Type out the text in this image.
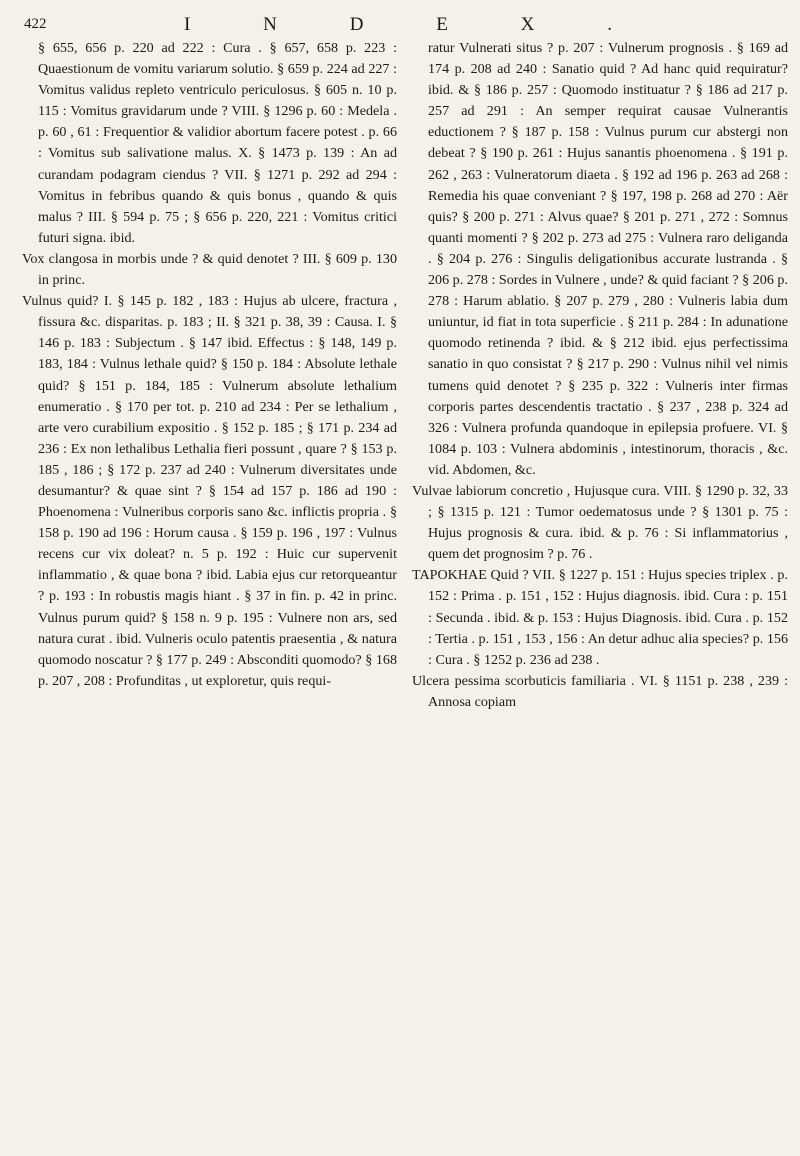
422	I	N	D	E	X	.

§ 655, 656 p. 220 ad 222 : Cura . § 657, 658 p. 223 : Quaestionum de vomitu variarum solutio. § 659 p. 224 ad 227 : Vomitus validus repleto ventriculo periculosus. § 605 n. 10 p. 115 : Vomitus gravidarum unde ? VIII. § 1296 p. 60 : Medela . p. 60 , 61 : Frequentior & validior abortum facere potest . p. 66 : Vomitus sub salivatione malus. X. § 1473 p. 139 : An ad curandam podagram ciendus ? VII. § 1271 p. 292 ad 294 : Vomitus in febribus quando & quis bonus , quando & quis malus ? III. § 594 p. 75 ; § 656 p. 220, 221 : Vomitus critici futuri signa. ibid.

Vox clangosa in morbis unde ? & quid denotet ? III. § 609 p. 130 in princ.

Vulnus quid? I. § 145 p. 182 , 183 : Hujus ab ulcere, fractura , fissura &c. disparitas. p. 183 ; II. § 321 p. 38, 39 : Causa. I. § 146 p. 183 : Subjectum . § 147 ibid. Effectus : § 148, 149 p. 183, 184 : Vulnus lethale quid? § 150 p. 184 : Absolute lethale quid? § 151 p. 184, 185 : Vulnerum absolute lethalium enumeratio . § 170 per tot. p. 210 ad 234 : Per se lethalium , arte vero curabilium expositio . § 152 p. 185 ; § 171 p. 234 ad 236 : Ex non lethalibus Lethalia fieri possunt , quare ? § 153 p. 185 , 186 ; § 172 p. 237 ad 240 : Vulnerum diversitates unde desumantur? & quae sint ? § 154 ad 157 p. 186 ad 190 : Phoenomena : Vulneribus corporis sano &c. inflictis propria . § 158 p. 190 ad 196 : Horum causa . § 159 p. 196 , 197 : Vulnus recens cur vix doleat? n. 5 p. 192 : Huic cur supervenit inflammatio , & quae bona ? ibid. Labia ejus cur retorqueantur ? p. 193 : In robustis magis hiant . § 37 in fin. p. 42 in princ. Vulnus purum quid? § 158 n. 9 p. 195 : Vulnere non ars, sed natura curat . ibid. Vulneris oculo patentis praesentia , & natura quomodo noscatur ? § 177 p. 249 : Absconditi quomodo? § 168 p. 207 , 208 : Profunditas , ut exploretur, quis requi-

ratur Vulnerati situs ? p. 207 : Vulnerum prognosis . § 169 ad 174 p. 208 ad 240 : Sanatio quid ? Ad hanc quid requiratur? ibid. & § 186 p. 257 : Quomodo instituatur ? § 186 ad 217 p. 257 ad 291 : An semper requirat causae Vulnerantis eductionem ? § 187 p. 158 : Vulnus purum cur abstergi non debeat ? § 190 p. 261 : Hujus sanantis phoenomena . § 191 p. 262 , 263 : Vulneratorum diaeta . § 192 ad 196 p. 263 ad 268 : Remedia his quae conveniant ? § 197, 198 p. 268 ad 270 : Aër quis? § 200 p. 271 : Alvus quae? § 201 p. 271 , 272 : Somnus quanti momenti ? § 202 p. 273 ad 275 : Vulnera raro deliganda . § 204 p. 276 : Singulis deligationibus accurate lustranda . § 206 p. 278 : Sordes in Vulnere , unde? & quid faciant ? § 206 p. 278 : Harum ablatio. § 207 p. 279 , 280 : Vulneris labia dum uniuntur, id fiat in tota superficie . § 211 p. 284 : In adunatione quomodo retinenda ? ibid. & § 212 ibid. ejus perfectissima sanatio in quo consistat ? § 217 p. 290 : Vulnus nihil vel nimis tumens quid denotet ? § 235 p. 322 : Vulneris inter firmas corporis partes descendentis tractatio . § 237 , 238 p. 324 ad 326 : Vulnera profunda quandoque in epilepsia profuere. VI. § 1084 p. 103 : Vulnera abdominis , intestinorum, thoracis , &c. vid. Abdomen, &c.

Vulvae labiorum concretio , Hujusque cura. VIII. § 1290 p. 32, 33 ; § 1315 p. 121 : Tumor oedematosus unde ? § 1301 p. 75 : Hujus prognosis & cura. ibid. & p. 76 : Si inflammatorius , quem det prognosim ? p. 76 .

ΤΑΡΟΚΗΑΕ Quid ? VII. § 1227 p. 151 : Hujus species triplex . p. 152 : Prima . p. 151 , 152 : Hujus diagnosis. ibid. Cura : p. 151 : Secunda . ibid. & p. 153 : Hujus Diagnosis. ibid. Cura . p. 152 : Tertia . p. 151 , 153 , 156 : An detur adhuc alia species? p. 156 : Cura . § 1252 p. 236 ad 238 .

Ulcera pessima scorbuticis familiaria . VI. § 1151 p. 238 , 239 : Annosa copiam
